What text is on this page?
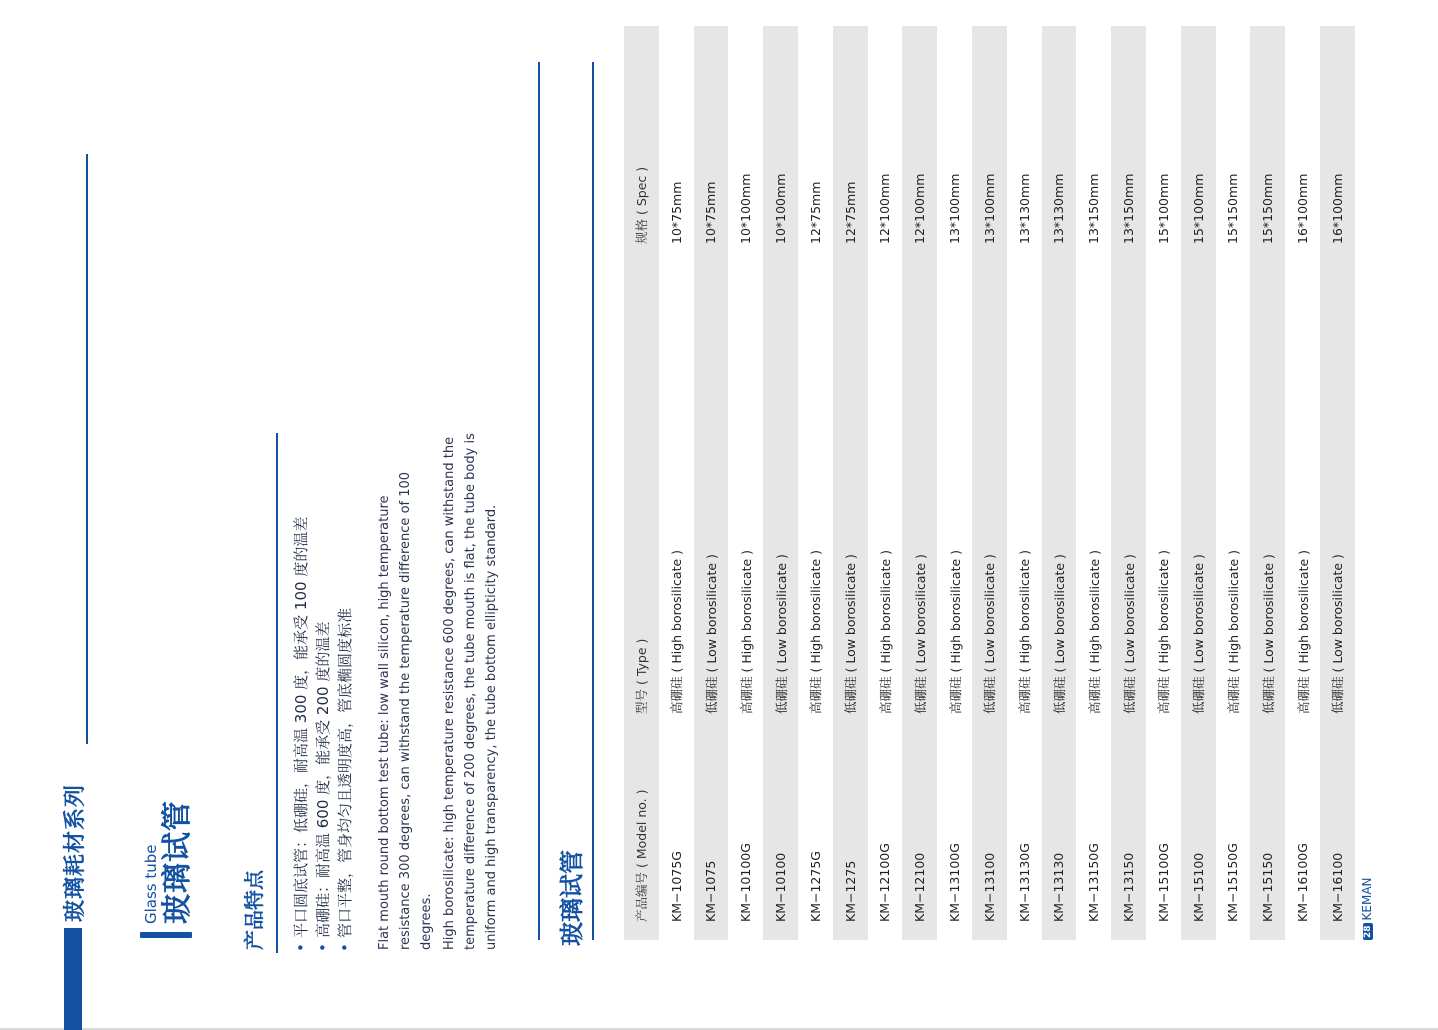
玻璃耗材系列	Glass tube 玻璃试管 产品特点 •平口圆底试管：低硼硅，耐高温 300 度，能承受 100 度的温差
•高硼硅：耐高温 600 度，能承受 200 度的温差
•管口平整，管身均匀且透明度高，管底椭圆度标准 Flat mouth round bottom test tube: low wall silicon, high temperature resistance 300 degrees, can withstand the temperature difference of 100 degrees. High borosilicate: high temperature resistance 600 degrees, can withstand the temperature difference of 200 degrees, the tube mouth is flat, the tube body is uniform and high transparency, the tube bottom ellipticity standard. 玻璃试管	产品编号 ( Model no. )	型号 ( Type )	规格 ( Spec )
KM−1075G	高硼硅 ( High borosilicate )	10*75mm
KM−1075	低硼硅 ( Low borosilicate )	10*75mm
KM−10100G	高硼硅 ( High borosilicate )	10*100mm
KM−10100	低硼硅 ( Low borosilicate )	10*100mm
KM−1275G	高硼硅 ( High borosilicate )	12*75mm
KM−1275	低硼硅 ( Low borosilicate )	12*75mm
KM−12100G	高硼硅 ( High borosilicate )	12*100mm
KM−12100	低硼硅 ( Low borosilicate )	12*100mm
KM−13100G	高硼硅 ( High borosilicate )	13*100mm
KM−13100	低硼硅 ( Low borosilicate )	13*100mm
KM−13130G	高硼硅 ( High borosilicate )	13*130mm
KM−13130	低硼硅 ( Low borosilicate )	13*130mm
KM−13150G	高硼硅 ( High borosilicate )	13*150mm
KM−13150	低硼硅 ( Low borosilicate )	13*150mm
KM−15100G	高硼硅 ( High borosilicate )	15*100mm
KM−15100	低硼硅 ( Low borosilicate )	15*100mm
KM−15150G	高硼硅 ( High borosilicate )	15*150mm
KM−15150	低硼硅 ( Low borosilicate )	15*150mm
KM−16100G	高硼硅 ( High borosilicate )	16*100mm
KM−16100	低硼硅 ( Low borosilicate )	16*100mm
28KEMAN
